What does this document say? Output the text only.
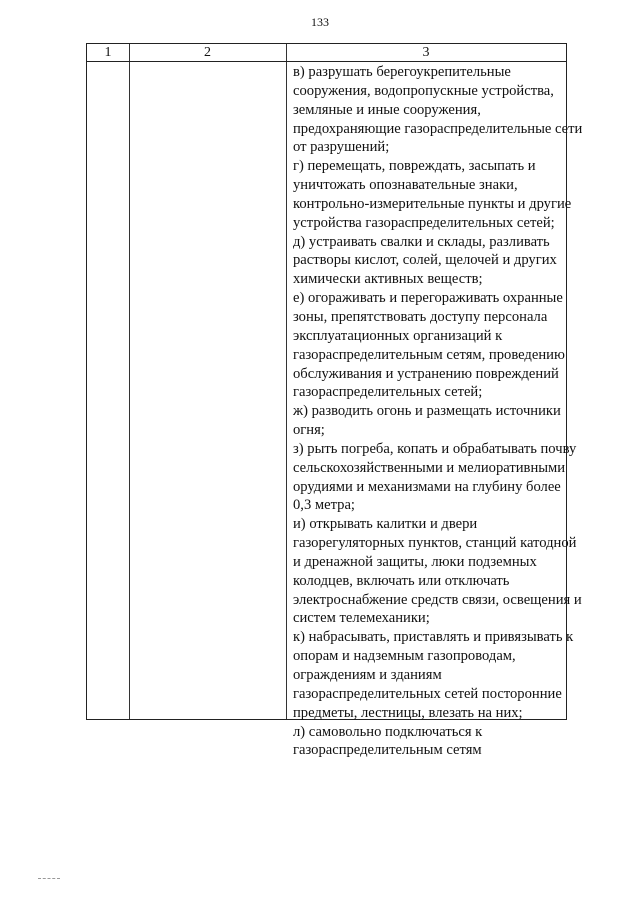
133
1	2	3
в) разрушать берегоукрепительные
сооружения, водопропускные устройства,
земляные и иные сооружения,
предохраняющие газораспределительные сети
от разрушений;
г) перемещать, повреждать, засыпать и
уничтожать опознавательные знаки,
контрольно-измерительные пункты и другие
устройства газораспределительных сетей;
д) устраивать свалки и склады, разливать
растворы кислот, солей, щелочей и других
химически активных веществ;
е) огораживать и перегораживать охранные
зоны, препятствовать доступу персонала
эксплуатационных организаций к
газораспределительным сетям, проведению
обслуживания и устранению повреждений
газораспределительных сетей;
ж) разводить огонь и размещать источники
огня;
з) рыть погреба, копать и обрабатывать почву
сельскохозяйственными и мелиоративными
орудиями и механизмами на глубину более
0,3 метра;
и) открывать калитки и двери
газорегуляторных пунктов, станций катодной
и дренажной защиты, люки подземных
колодцев, включать или отключать
электроснабжение средств связи, освещения и
систем телемеханики;
к) набрасывать, приставлять и привязывать к
опорам и надземным газопроводам,
ограждениям и зданиям
газораспределительных сетей посторонние
предметы, лестницы, влезать на них;
л) самовольно подключаться к
газораспределительным сетям
